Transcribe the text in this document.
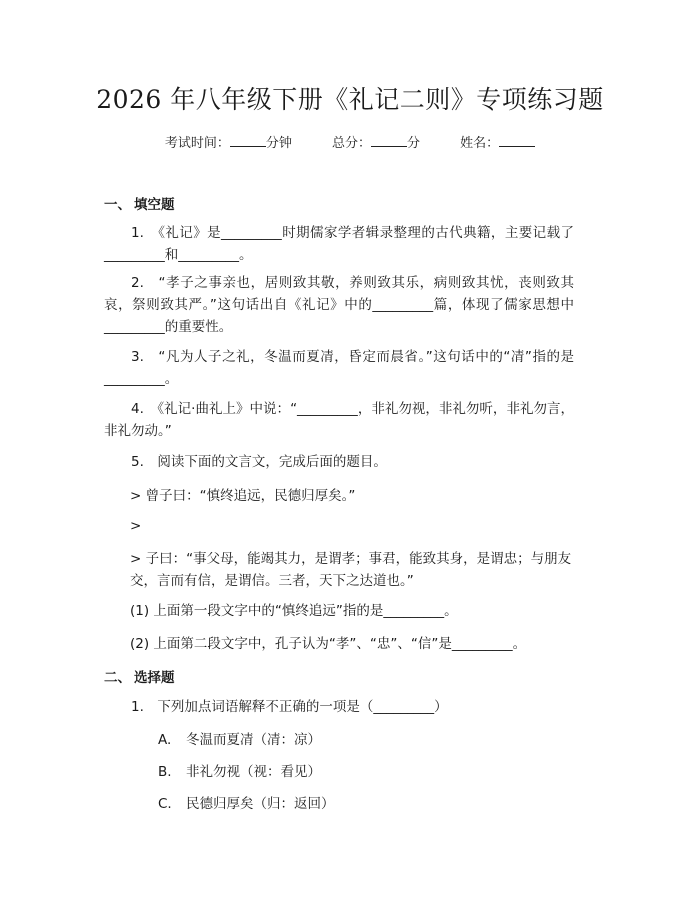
2026 年八年级下册《礼记二则》专项练习题
考试时间：	分钟	总分：	分	姓名：
一、 填空题
1.　《礼记》是_________时期儒家学者辑录整理的古代典籍，主要记载了_________和_________。
2.　“孝子之事亲也，居则致其敬，养则致其乐，病则致其忧，丧则致其哀，祭则致其严。”这句话出自《礼记》中的_________篇，体现了儒家思想中_________的重要性。
3.　“凡为人子之礼，冬温而夏凊，昏定而晨省。”这句话中的“凊”指的是_________。
4.　《礼记·曲礼上》中说：“_________，非礼勿视，非礼勿听，非礼勿言，非礼勿动。”
5.　阅读下面的文言文，完成后面的题目。
> 曾子曰：“慎终追远，民德归厚矣。”
>
> 子曰：“事父母，能竭其力，是谓孝；事君，能致其身，是谓忠；与朋友交，言而有信，是谓信。三者，天下之达道也。”
(1) 上面第一段文字中的“慎终追远”指的是_________。
(2) 上面第二段文字中，孔子认为“孝”、“忠”、“信”是_________。
二、 选择题
1.　下列加点词语解释不正确的一项是（_________）
A. 冬温而夏凊（凊：凉）
B. 非礼勿视（视：看见）
C. 民德归厚矣（归：返回）
